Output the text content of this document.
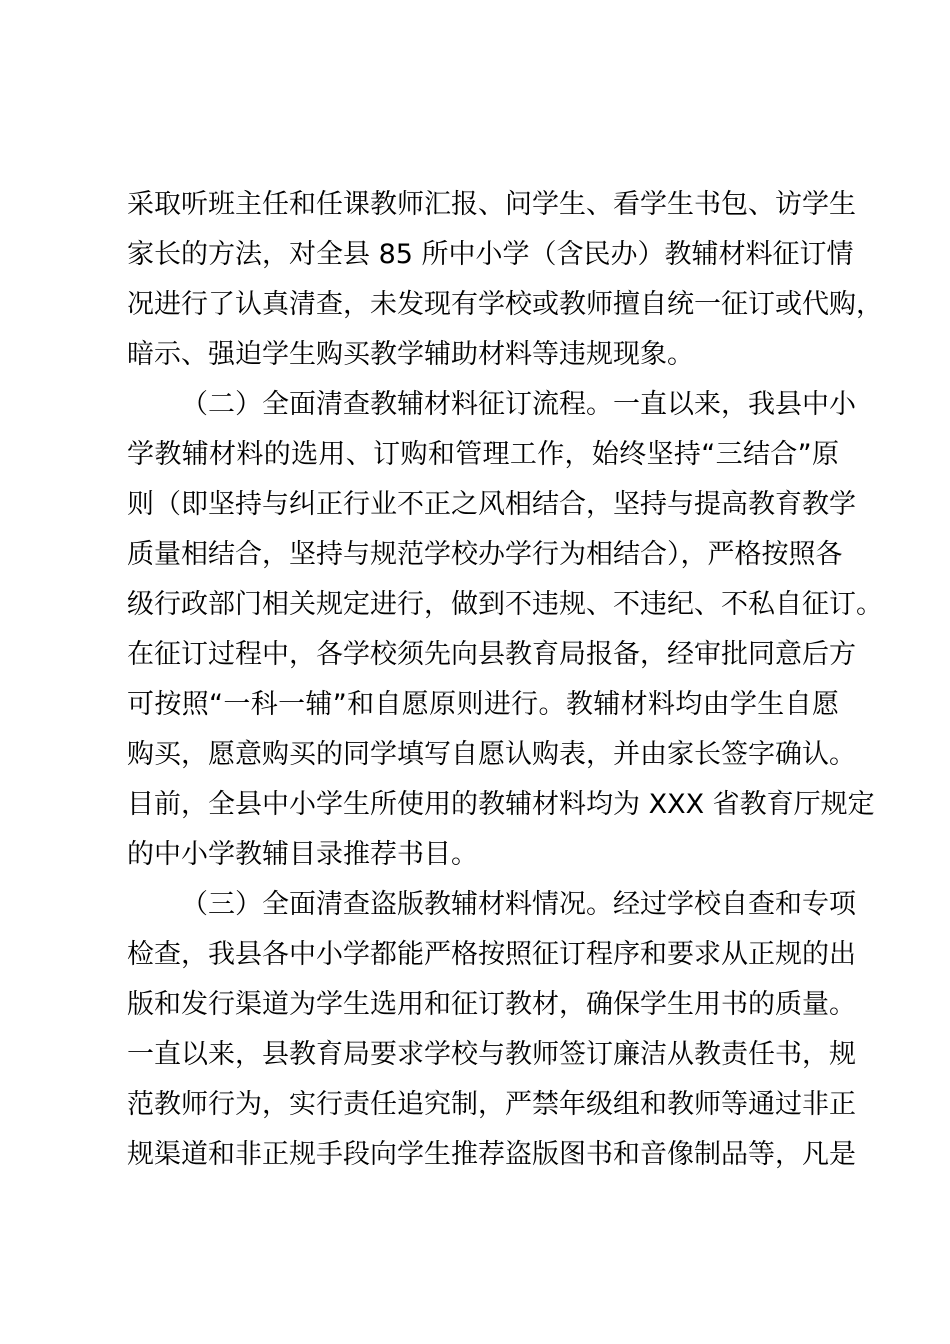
采取听班主任和任课教师汇报、问学生、看学生书包、访学生
家长的方法，对全县 85 所中小学（含民办）教辅材料征订情
况进行了认真清查，未发现有学校或教师擅自统一征订或代购，
暗示、强迫学生购买教学辅助材料等违规现象。
（二）全面清查教辅材料征订流程。一直以来，我县中小
学教辅材料的选用、订购和管理工作，始终坚持“三结合”原
则（即坚持与纠正行业不正之风相结合，坚持与提高教育教学
质量相结合，坚持与规范学校办学行为相结合），严格按照各
级行政部门相关规定进行，做到不违规、不违纪、不私自征订。
在征订过程中，各学校须先向县教育局报备，经审批同意后方
可按照“一科一辅”和自愿原则进行。教辅材料均由学生自愿
购买，愿意购买的同学填写自愿认购表，并由家长签字确认。
目前，全县中小学生所使用的教辅材料均为 XXX 省教育厅规定
的中小学教辅目录推荐书目。
（三）全面清查盗版教辅材料情况。经过学校自查和专项
检查，我县各中小学都能严格按照征订程序和要求从正规的出
版和发行渠道为学生选用和征订教材，确保学生用书的质量。
一直以来，县教育局要求学校与教师签订廉洁从教责任书，规
范教师行为，实行责任追究制，严禁年级组和教师等通过非正
规渠道和非正规手段向学生推荐盗版图书和音像制品等，凡是
